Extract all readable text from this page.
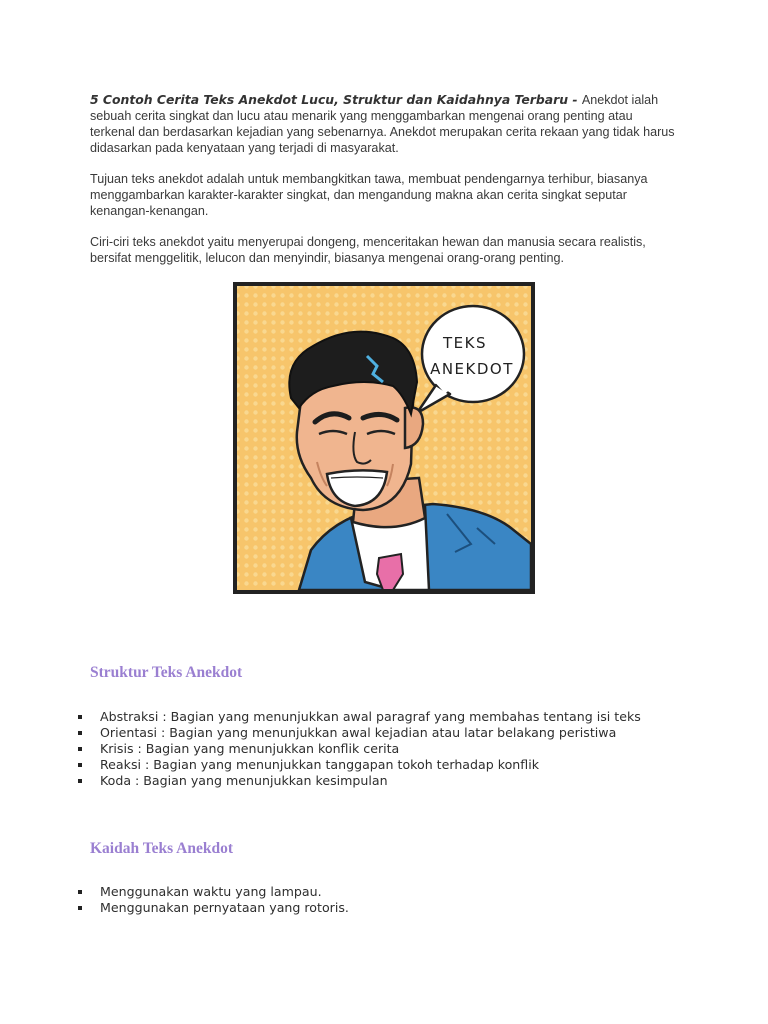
5 Contoh Cerita Teks Anekdot Lucu, Struktur dan Kaidahnya Terbaru - Anekdot ialah sebuah cerita singkat dan lucu atau menarik yang menggambarkan mengenai orang penting atau terkenal dan berdasarkan kejadian yang sebenarnya. Anekdot merupakan cerita rekaan yang tidak harus didasarkan pada kenyataan yang terjadi di masyarakat.

Tujuan teks anekdot adalah untuk membangkitkan tawa, membuat pendengarnya terhibur, biasanya menggambarkan karakter-karakter singkat, dan mengandung makna akan cerita singkat seputar kenangan-kenangan.

Ciri-ciri teks anekdot yaitu menyerupai dongeng, menceritakan hewan dan manusia secara realistis, bersifat menggelitik, lelucon dan menyindir, biasanya mengenai orang-orang penting.

TEKS
ANEKDOT
Struktur Teks Anekdot
Abstraksi : Bagian yang menunjukkan awal paragraf yang membahas tentang isi teks
Orientasi : Bagian yang menunjukkan awal kejadian atau latar belakang peristiwa
Krisis : Bagian yang menunjukkan konflik cerita
Reaksi : Bagian yang menunjukkan tanggapan tokoh terhadap konflik
Koda : Bagian yang menunjukkan kesimpulan
Kaidah Teks Anekdot
Menggunakan waktu yang lampau.
Menggunakan pernyataan yang rotoris.
